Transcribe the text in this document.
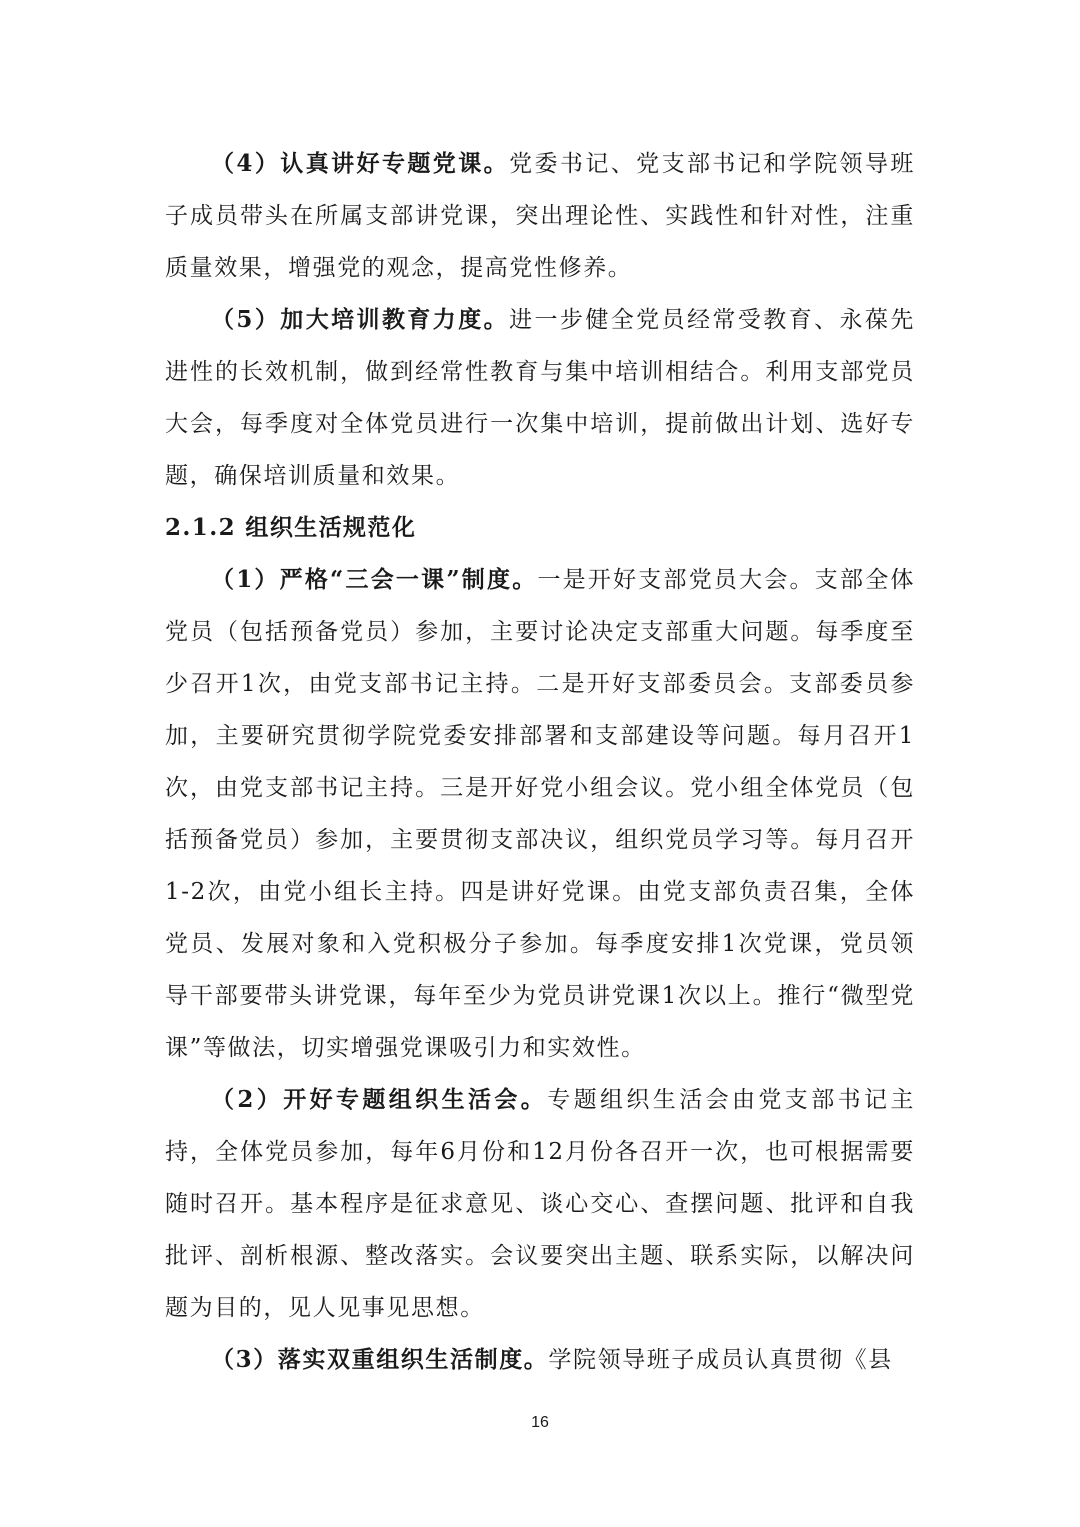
（4）认真讲好专题党课。党委书记、党支部书记和学院领导班子成员带头在所属支部讲党课，突出理论性、实践性和针对性，注重质量效果，增强党的观念，提高党性修养。

（5）加大培训教育力度。进一步健全党员经常受教育、永葆先进性的长效机制，做到经常性教育与集中培训相结合。利用支部党员大会，每季度对全体党员进行一次集中培训，提前做出计划、选好专题，确保培训质量和效果。

2.1.2 组织生活规范化

（1）严格“三会一课”制度。一是开好支部党员大会。支部全体党员（包括预备党员）参加，主要讨论决定支部重大问题。每季度至少召开1次，由党支部书记主持。二是开好支部委员会。支部委员参加，主要研究贯彻学院党委安排部署和支部建设等问题。每月召开1次，由党支部书记主持。三是开好党小组会议。党小组全体党员（包括预备党员）参加，主要贯彻支部决议，组织党员学习等。每月召开1-2次，由党小组长主持。四是讲好党课。由党支部负责召集，全体党员、发展对象和入党积极分子参加。每季度安排1次党课，党员领导干部要带头讲党课，每年至少为党员讲党课1次以上。推行“微型党课”等做法，切实增强党课吸引力和实效性。

（2）开好专题组织生活会。专题组织生活会由党支部书记主持，全体党员参加，每年6月份和12月份各召开一次，也可根据需要随时召开。基本程序是征求意见、谈心交心、查摆问题、批评和自我批评、剖析根源、整改落实。会议要突出主题、联系实际，以解决问题为目的，见人见事见思想。

（3）落实双重组织生活制度。学院领导班子成员认真贯彻《县

16
